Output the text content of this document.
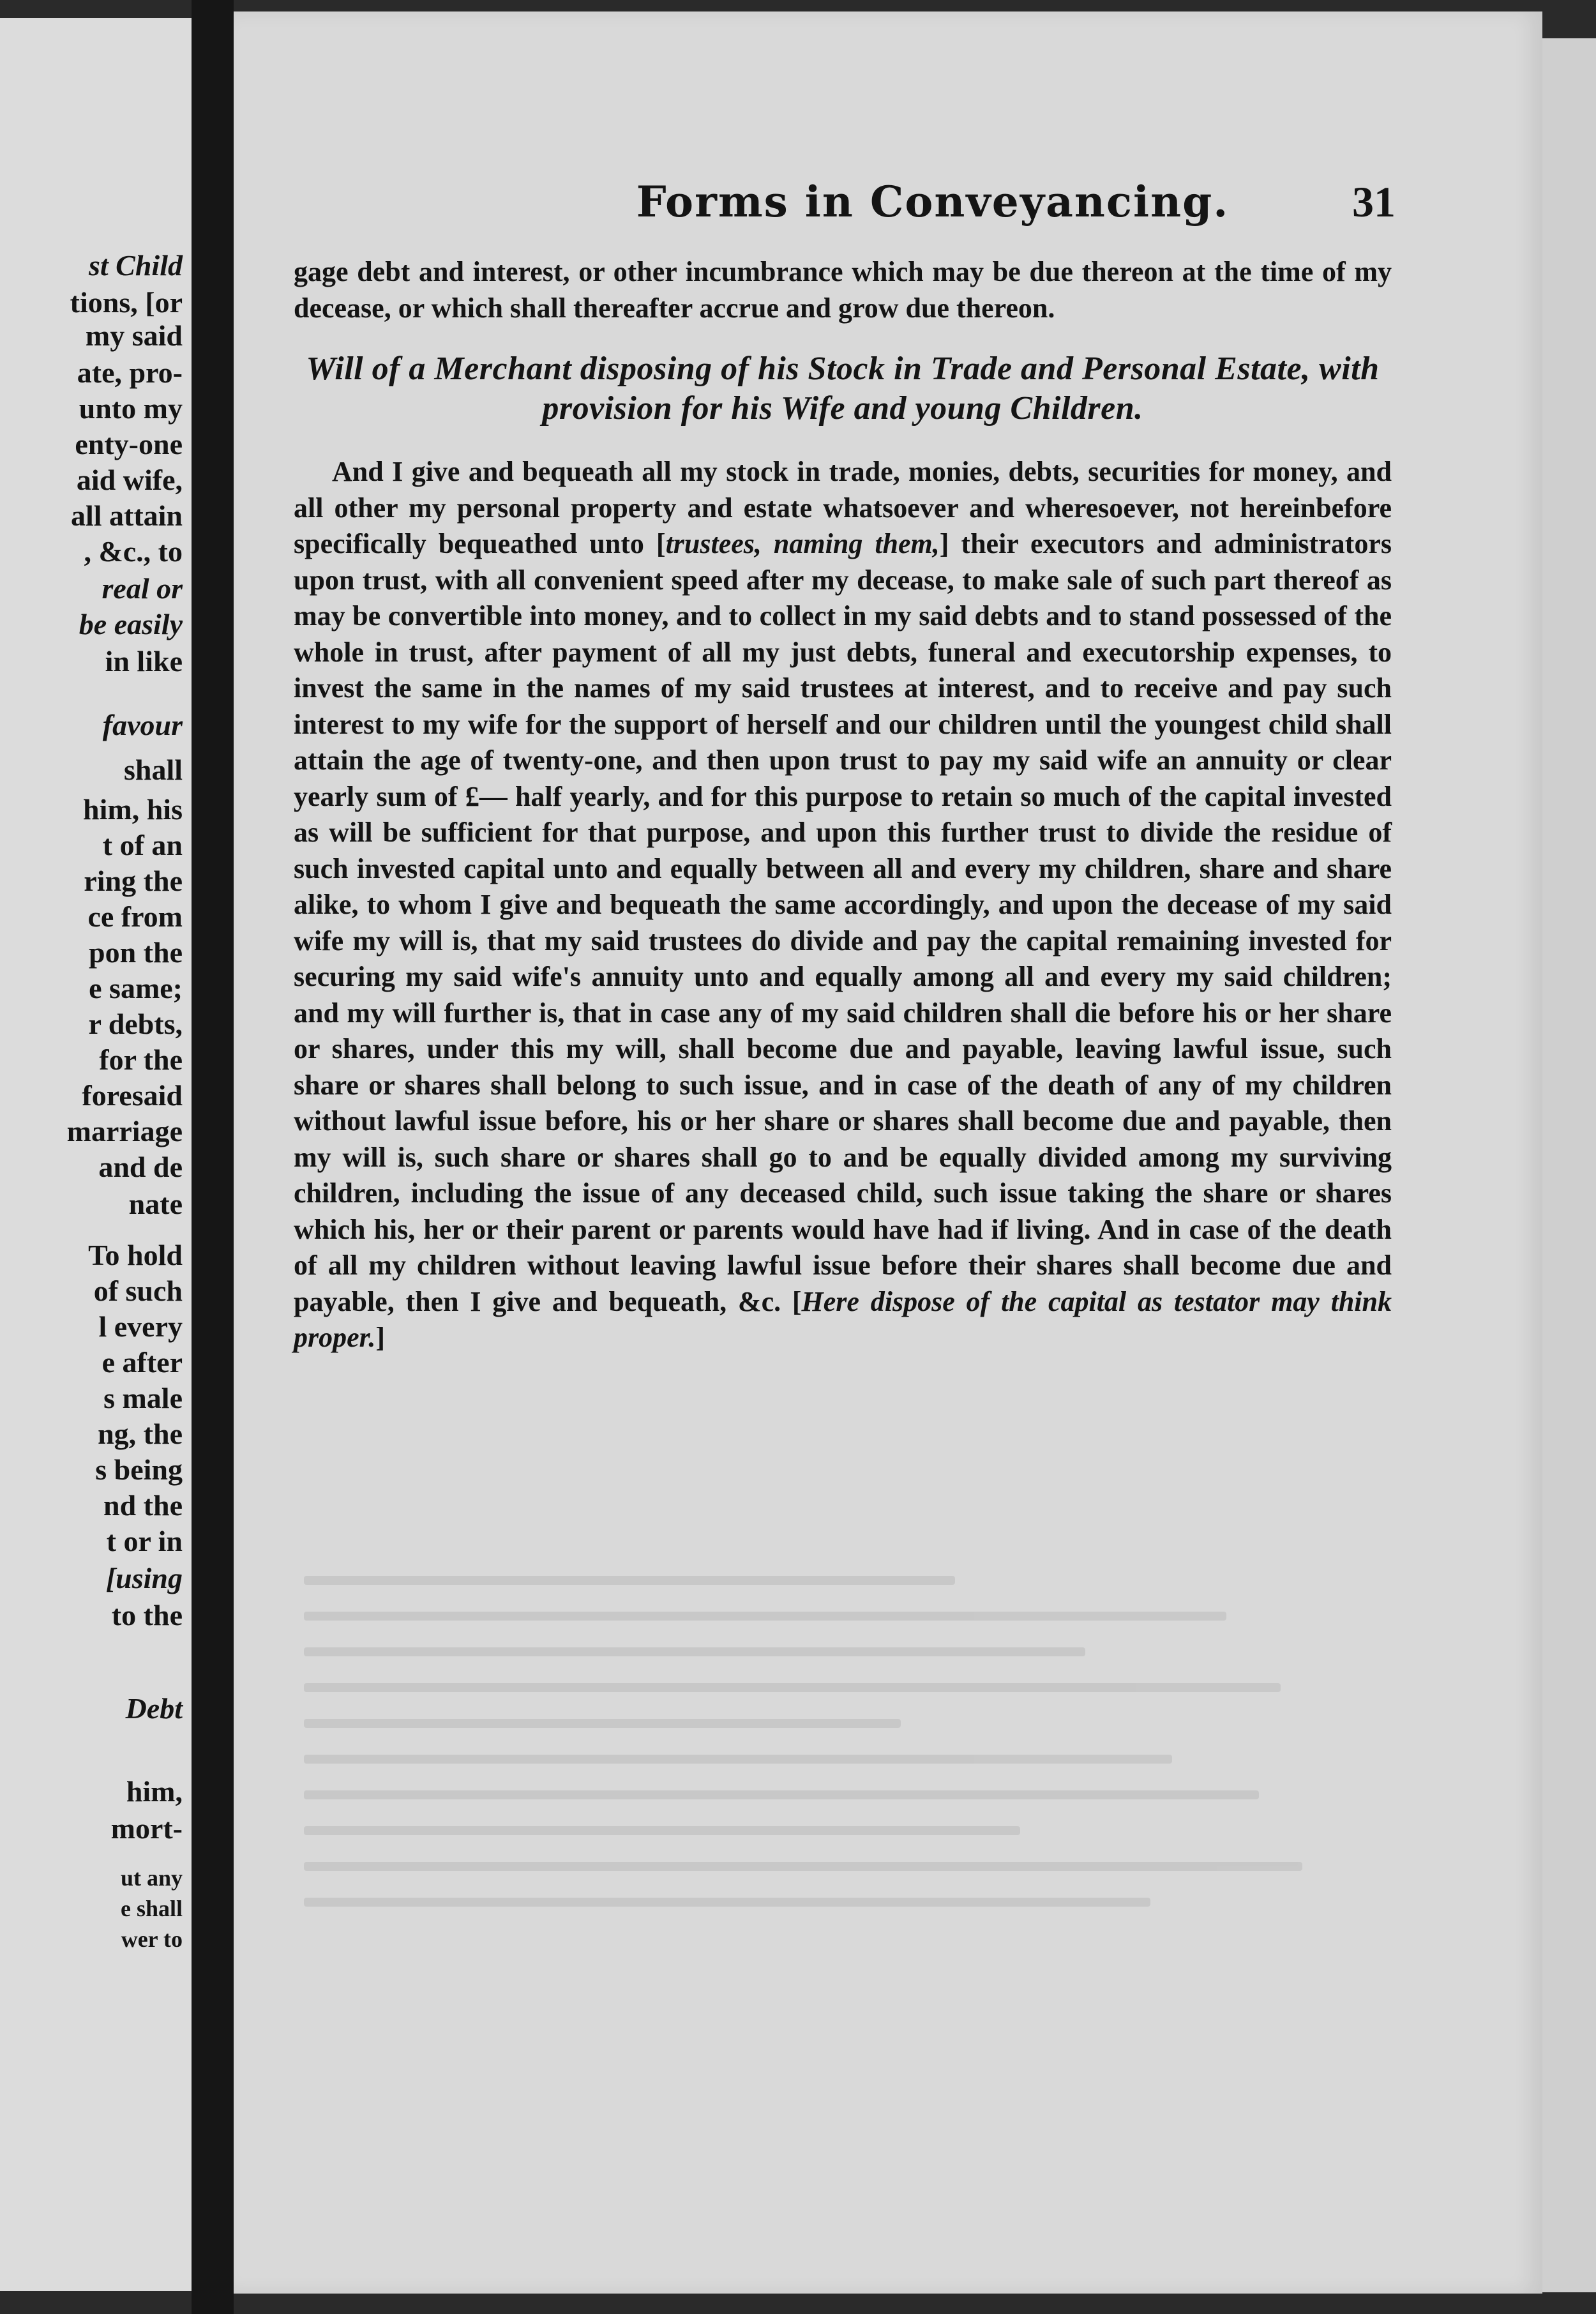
st Child
tions, [or
my said
ate, pro-
unto my
enty-one
aid wife,
all attain
, &c., to
real or
be easily
in like
favour
shall
him, his
t of an
ring the
ce from
pon the
e same;
r debts,
for the
foresaid
marriage
and de
nate
To hold
of such
l every
e after
s male
ng, the
s being
nd the
t or in
[using
to the
Debt
him,
mort-
ut any
e shall
wer to
Forms in Conveyancing.	31

gage debt and interest, or other incumbrance which may be due thereon at the time of my decease, or which shall thereafter accrue and grow due thereon.

Will of a Merchant disposing of his Stock in Trade and Personal Estate, with provision for his Wife and young Children.

And I give and bequeath all my stock in trade, monies, debts, securities for money, and all other my personal property and estate whatsoever and wheresoever, not hereinbefore specifically bequeathed unto [trustees, naming them,] their executors and administrators upon trust, with all convenient speed after my decease, to make sale of such part thereof as may be convertible into money, and to collect in my said debts and to stand possessed of the whole in trust, after payment of all my just debts, funeral and executorship expenses, to invest the same in the names of my said trustees at interest, and to receive and pay such interest to my wife for the support of herself and our children until the youngest child shall attain the age of twenty-one, and then upon trust to pay my said wife an annuity or clear yearly sum of £— half yearly, and for this purpose to retain so much of the capital invested as will be sufficient for that purpose, and upon this further trust to divide the residue of such invested capital unto and equally between all and every my children, share and share alike, to whom I give and bequeath the same accordingly, and upon the decease of my said wife my will is, that my said trustees do divide and pay the capital remaining invested for securing my said wife's annuity unto and equally among all and every my said children; and my will further is, that in case any of my said children shall die before his or her share or shares, under this my will, shall become due and payable, leaving lawful issue, such share or shares shall belong to such issue, and in case of the death of any of my children without lawful issue before, his or her share or shares shall become due and payable, then my will is, such share or shares shall go to and be equally divided among my surviving children, including the issue of any deceased child, such issue taking the share or shares which his, her or their parent or parents would have had if living. And in case of the death of all my children without leaving lawful issue before their shares shall become due and payable, then I give and bequeath, &c. [Here dispose of the capital as testator may think proper.]
